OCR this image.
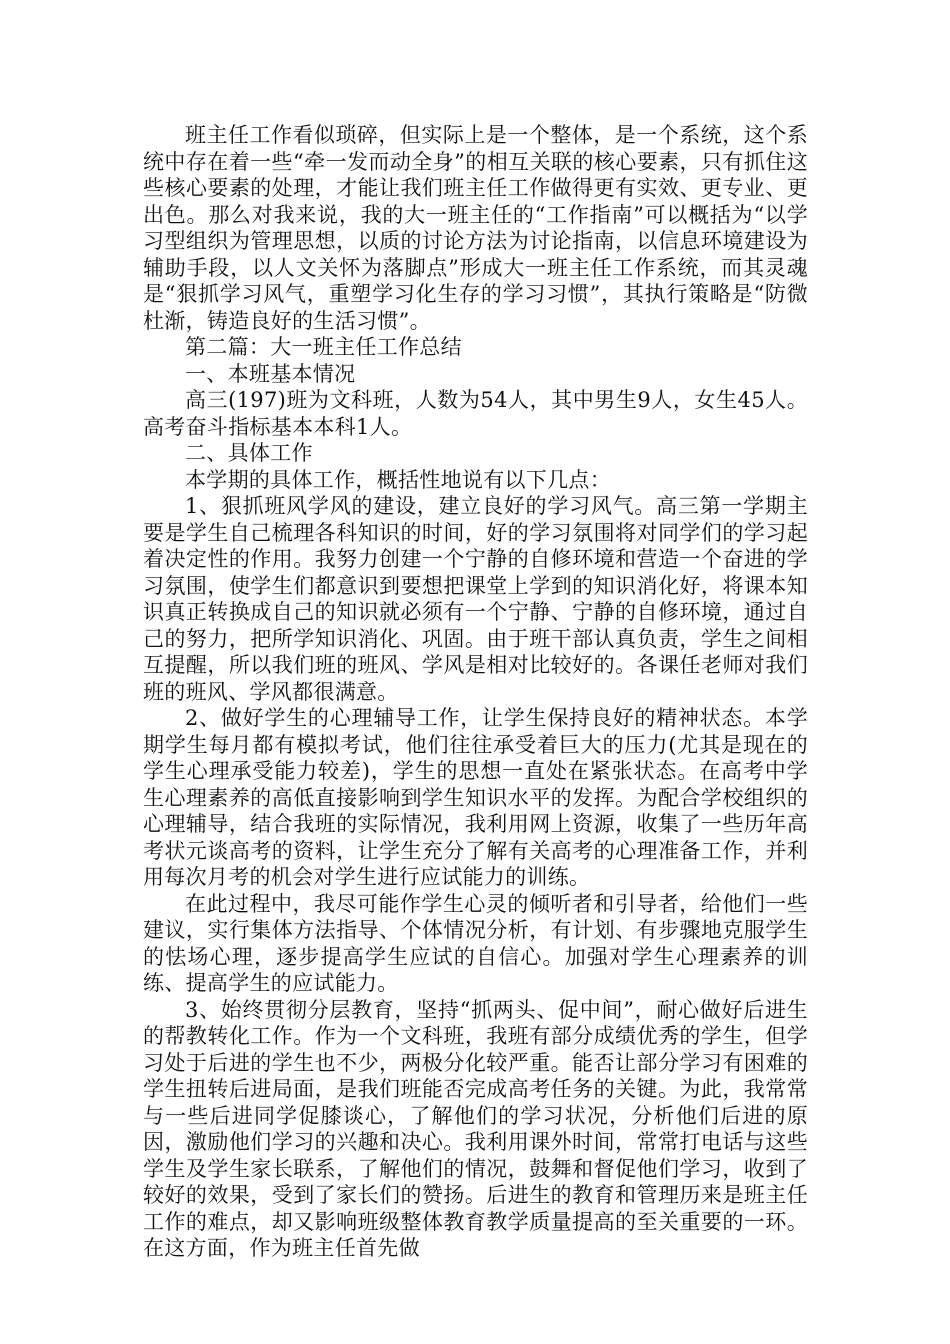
班主任工作看似琐碎，但实际上是一个整体，是一个系统，这个系统中存在着一些“牵一发而动全身”的相互关联的核心要素，只有抓住这些核心要素的处理，才能让我们班主任工作做得更有实效、更专业、更出色。那么对我来说，我的大一班主任的“工作指南”可以概括为“以学习型组织为管理思想，以质的讨论方法为讨论指南，以信息环境建设为辅助手段，以人文关怀为落脚点”形成大一班主任工作系统，而其灵魂是“狠抓学习风气，重塑学习化生存的学习习惯”，其执行策略是“防微杜渐，铸造良好的生活习惯”。

第二篇：大一班主任工作总结

一、本班基本情况

高三(197)班为文科班，人数为54人，其中男生9人，女生45人。高考奋斗指标基本本科1人。

二、具体工作

本学期的具体工作，概括性地说有以下几点：

1、狠抓班风学风的建设，建立良好的学习风气。高三第一学期主要是学生自己梳理各科知识的时间，好的学习氛围将对同学们的学习起着决定性的作用。我努力创建一个宁静的自修环境和营造一个奋进的学习氛围，使学生们都意识到要想把课堂上学到的知识消化好，将课本知识真正转换成自己的知识就必须有一个宁静、宁静的自修环境，通过自己的努力，把所学知识消化、巩固。由于班干部认真负责，学生之间相互提醒，所以我们班的班风、学风是相对比较好的。各课任老师对我们班的班风、学风都很满意。

2、做好学生的心理辅导工作，让学生保持良好的精神状态。本学期学生每月都有模拟考试，他们往往承受着巨大的压力(尤其是现在的学生心理承受能力较差)，学生的思想一直处在紧张状态。在高考中学生心理素养的高低直接影响到学生知识水平的发挥。为配合学校组织的心理辅导，结合我班的实际情况，我利用网上资源，收集了一些历年高考状元谈高考的资料，让学生充分了解有关高考的心理准备工作，并利用每次月考的机会对学生进行应试能力的训练。

在此过程中，我尽可能作学生心灵的倾听者和引导者，给他们一些建议，实行集体方法指导、个体情况分析，有计划、有步骤地克服学生的怯场心理，逐步提高学生应试的自信心。加强对学生心理素养的训练、提高学生的应试能力。

3、始终贯彻分层教育，坚持“抓两头、促中间”，耐心做好后进生的帮教转化工作。作为一个文科班，我班有部分成绩优秀的学生，但学习处于后进的学生也不少，两极分化较严重。能否让部分学习有困难的学生扭转后进局面，是我们班能否完成高考任务的关键。为此，我常常与一些后进同学促膝谈心，了解他们的学习状况，分析他们后进的原因，激励他们学习的兴趣和决心。我利用课外时间，常常打电话与这些学生及学生家长联系，了解他们的情况，鼓舞和督促他们学习，收到了较好的效果，受到了家长们的赞扬。后进生的教育和管理历来是班主任工作的难点，却又影响班级整体教育教学质量提高的至关重要的一环。在这方面，作为班主任首先做
